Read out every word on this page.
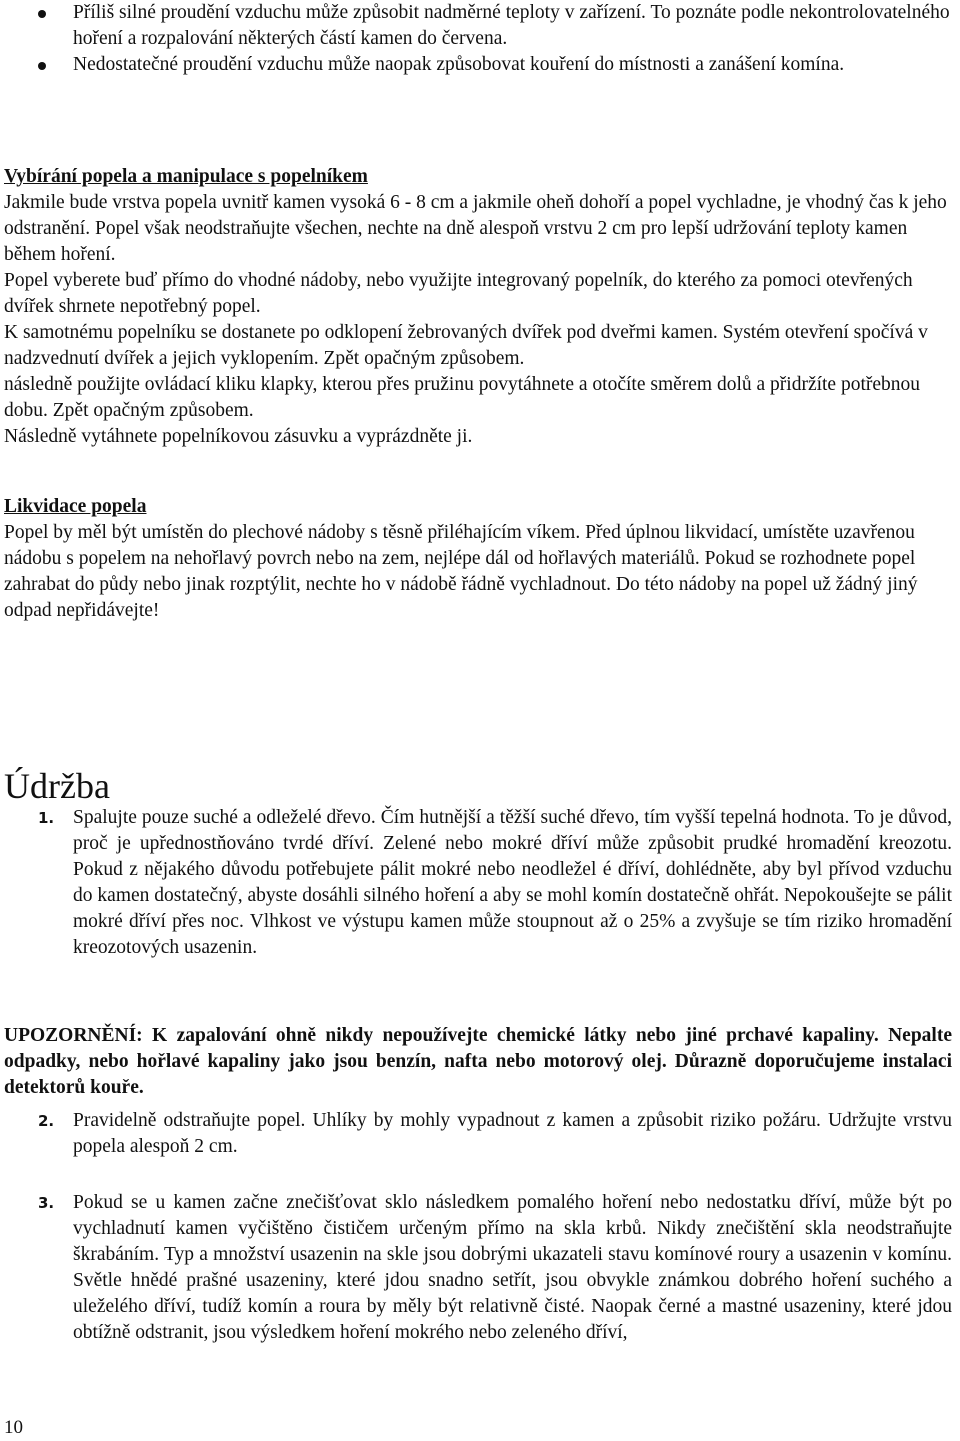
Příliš silné proudění vzduchu může způsobit nadměrné teploty v zařízení. To poznáte podle nekontrolovatelného hoření a rozpalování některých částí kamen do červena.
Nedostatečné proudění vzduchu může naopak způsobovat kouření do místnosti a zanášení komína.

Vybírání popela a manipulace s popelníkem

Jakmile bude vrstva popela uvnitř kamen vysoká 6 - 8 cm a jakmile oheň dohoří a popel vychladne, je vhodný čas k jeho odstranění. Popel však neodstraňujte všechen, nechte na dně alespoň vrstvu 2 cm pro lepší udržování teploty kamen během hoření.

Popel vyberete buď přímo do vhodné nádoby, nebo využijte integrovaný popelník, do kterého za pomoci otevřených dvířek shrnete nepotřebný popel.

K samotnému popelníku se dostanete po odklopení žebrovaných dvířek pod dveřmi kamen. Systém otevření spočívá v nadzvednutí dvířek a jejich vyklopením. Zpět opačným způsobem.

následně použijte ovládací kliku klapky, kterou přes pružinu povytáhnete a otočíte směrem dolů a přidržíte potřebnou dobu. Zpět opačným způsobem.

Následně vytáhnete popelníkovou zásuvku a vyprázdněte ji.

Likvidace popela

Popel by měl být umístěn do plechové nádoby s těsně přiléhajícím víkem. Před úplnou likvidací, umístěte uzavřenou nádobu s popelem na nehořlavý povrch nebo na zem, nejlépe dál od hořlavých materiálů. Pokud se rozhodnete popel zahrabat do půdy nebo jinak rozptýlit, nechte ho v nádobě řádně vychladnout. Do této nádoby na popel už žádný jiný odpad nepřidávejte!

Údržba
1. Spalujte pouze suché a odleželé dřevo. Čím hutnější a těžší suché dřevo, tím vyšší tepelná hodnota. To je důvod, proč je upřednostňováno tvrdé dříví. Zelené nebo mokré dříví může způsobit prudké hromadění kreozotu. Pokud z nějakého důvodu potřebujete pálit mokré nebo neodležel é dříví, dohlédněte, aby byl přívod vzduchu do kamen dostatečný, abyste dosáhli silného hoření a aby se mohl komín dostatečně ohřát. Nepokoušejte se pálit mokré dříví přes noc. Vlhkost ve výstupu kamen může stoupnout až o 25% a zvyšuje se tím riziko hromadění kreozotových usazenin.
UPOZORNĚNÍ: K zapalování ohně nikdy nepoužívejte chemické látky nebo jiné prchavé kapaliny. Nepalte odpadky, nebo hořlavé kapaliny jako jsou benzín, nafta nebo motorový olej. Důrazně doporučujeme instalaci detektorů kouře.
2. Pravidelně odstraňujte popel. Uhlíky by mohly vypadnout z kamen a způsobit riziko požáru. Udržujte vrstvu popela alespoň 2 cm.
3. Pokud se u kamen začne znečišťovat sklo následkem pomalého hoření nebo nedostatku dříví, může být po vychladnutí kamen vyčištěno čističem určeným přímo na skla krbů. Nikdy znečištění skla neodstraňujte škrabáním. Typ a množství usazenin na skle jsou dobrými ukazateli stavu komínové roury a usazenin v komínu. Světle hnědé prašné usazeniny, které jdou snadno setřít, jsou obvykle známkou dobrého hoření suchého a uleželého dříví, tudíž komín a roura by měly být relativně čisté. Naopak černé a mastné usazeniny, které jdou obtížně odstranit, jsou výsledkem hoření mokrého nebo zeleného dříví,
10
